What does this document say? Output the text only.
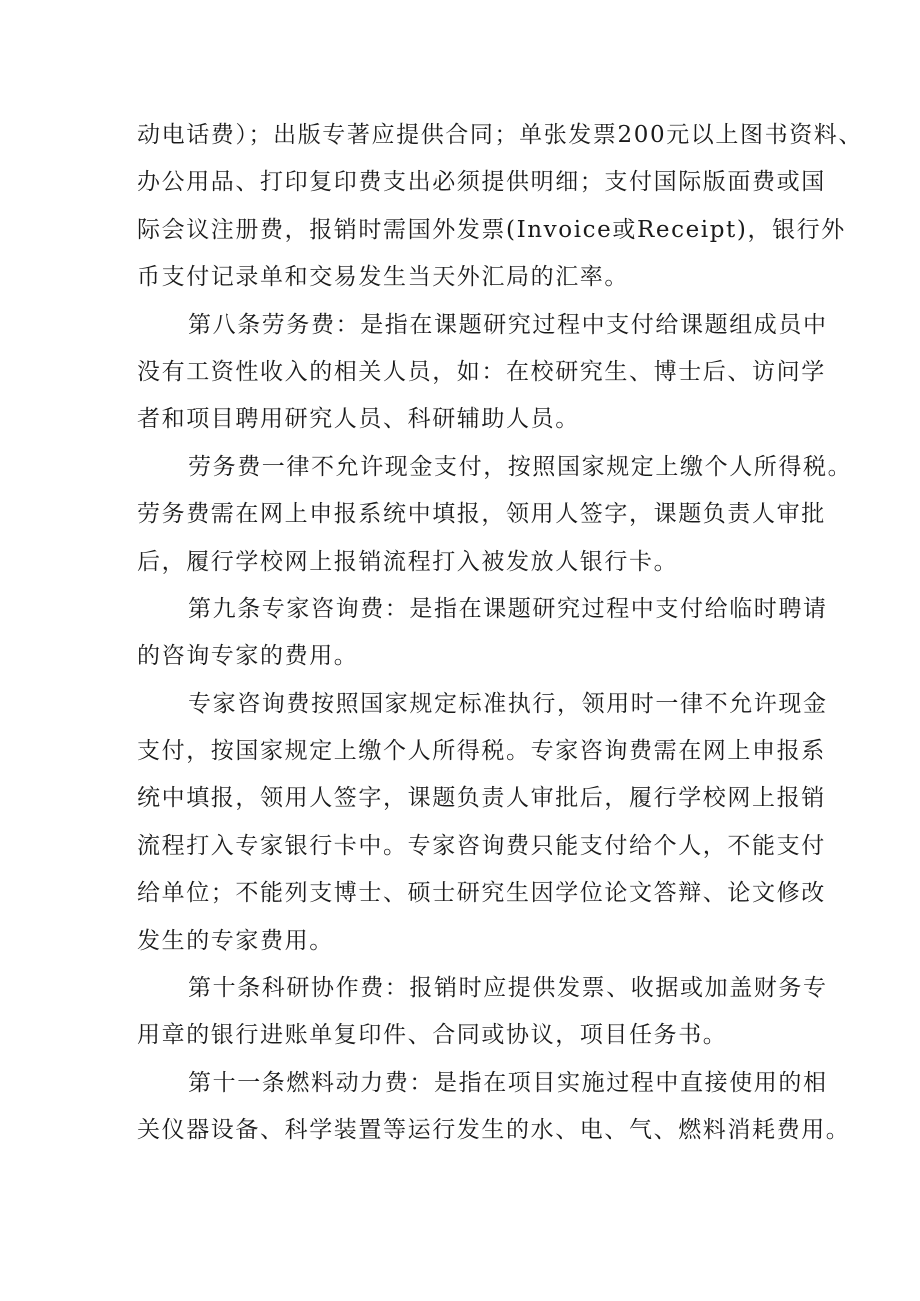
动电话费）；出版专著应提供合同；单张发票200元以上图书资料、
办公用品、打印复印费支出必须提供明细；支付国际版面费或国
际会议注册费，报销时需国外发票(Invoice或Receipt)，银行外
币支付记录单和交易发生当天外汇局的汇率。
第八条劳务费：是指在课题研究过程中支付给课题组成员中
没有工资性收入的相关人员，如：在校研究生、博士后、访问学
者和项目聘用研究人员、科研辅助人员。
劳务费一律不允许现金支付，按照国家规定上缴个人所得税。
劳务费需在网上申报系统中填报，领用人签字，课题负责人审批
后，履行学校网上报销流程打入被发放人银行卡。
第九条专家咨询费：是指在课题研究过程中支付给临时聘请
的咨询专家的费用。
专家咨询费按照国家规定标准执行，领用时一律不允许现金
支付，按国家规定上缴个人所得税。专家咨询费需在网上申报系
统中填报，领用人签字，课题负责人审批后，履行学校网上报销
流程打入专家银行卡中。专家咨询费只能支付给个人，不能支付
给单位；不能列支博士、硕士研究生因学位论文答辩、论文修改
发生的专家费用。
第十条科研协作费：报销时应提供发票、收据或加盖财务专
用章的银行进账单复印件、合同或协议，项目任务书。
第十一条燃料动力费：是指在项目实施过程中直接使用的相
关仪器设备、科学装置等运行发生的水、电、气、燃料消耗费用。
